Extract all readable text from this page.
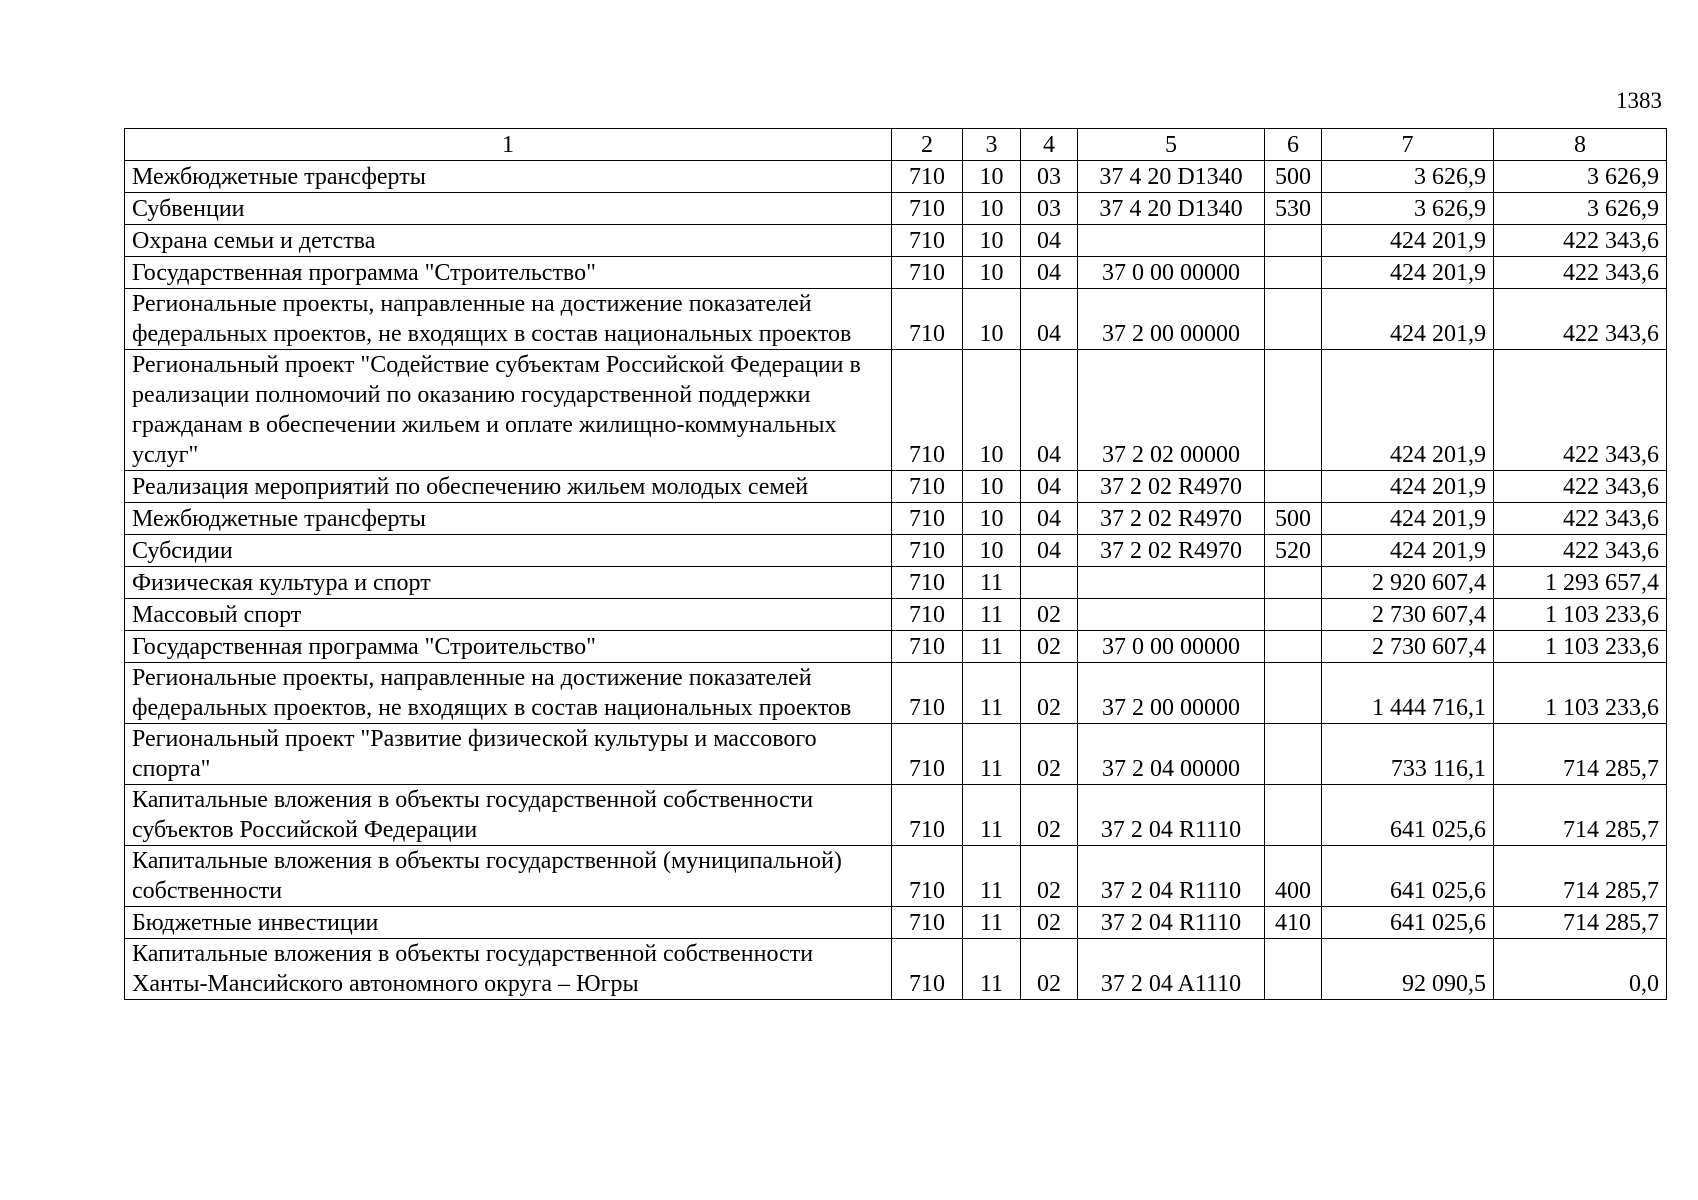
1383
1	2	3	4	5	6	7	8
Межбюджетные трансферты	710	10	03	37 4 20 D1340	500	3 626,9	3 626,9
Субвенции	710	10	03	37 4 20 D1340	530	3 626,9	3 626,9
Охрана семьи и детства	710	10	04			424 201,9	422 343,6
Государственная программа "Строительство"	710	10	04	37 0 00 00000		424 201,9	422 343,6
Региональные проекты, направленные на достижение показателей федеральных проектов, не входящих в состав национальных проектов	710	10	04	37 2 00 00000		424 201,9	422 343,6
Региональный проект "Содействие субъектам Российской Федерации в реализации полномочий по оказанию государственной поддержки гражданам в обеспечении жильем и оплате жилищно-коммунальных услуг"	710	10	04	37 2 02 00000		424 201,9	422 343,6
Реализация мероприятий по обеспечению жильем молодых семей	710	10	04	37 2 02 R4970		424 201,9	422 343,6
Межбюджетные трансферты	710	10	04	37 2 02 R4970	500	424 201,9	422 343,6
Субсидии	710	10	04	37 2 02 R4970	520	424 201,9	422 343,6
Физическая культура и спорт	710	11				2 920 607,4	1 293 657,4
Массовый спорт	710	11	02			2 730 607,4	1 103 233,6
Государственная программа "Строительство"	710	11	02	37 0 00 00000		2 730 607,4	1 103 233,6
Региональные проекты, направленные на достижение показателей федеральных проектов, не входящих в состав национальных проектов	710	11	02	37 2 00 00000		1 444 716,1	1 103 233,6
Региональный проект "Развитие физической культуры и массового спорта"	710	11	02	37 2 04 00000		733 116,1	714 285,7
Капитальные вложения в объекты государственной собственности субъектов Российской Федерации	710	11	02	37 2 04 R1110		641 025,6	714 285,7
Капитальные вложения в объекты государственной (муниципальной) собственности	710	11	02	37 2 04 R1110	400	641 025,6	714 285,7
Бюджетные инвестиции	710	11	02	37 2 04 R1110	410	641 025,6	714 285,7
Капитальные вложения в объекты государственной собственности Ханты-Мансийского автономного округа – Югры	710	11	02	37 2 04 A1110		92 090,5	0,0
